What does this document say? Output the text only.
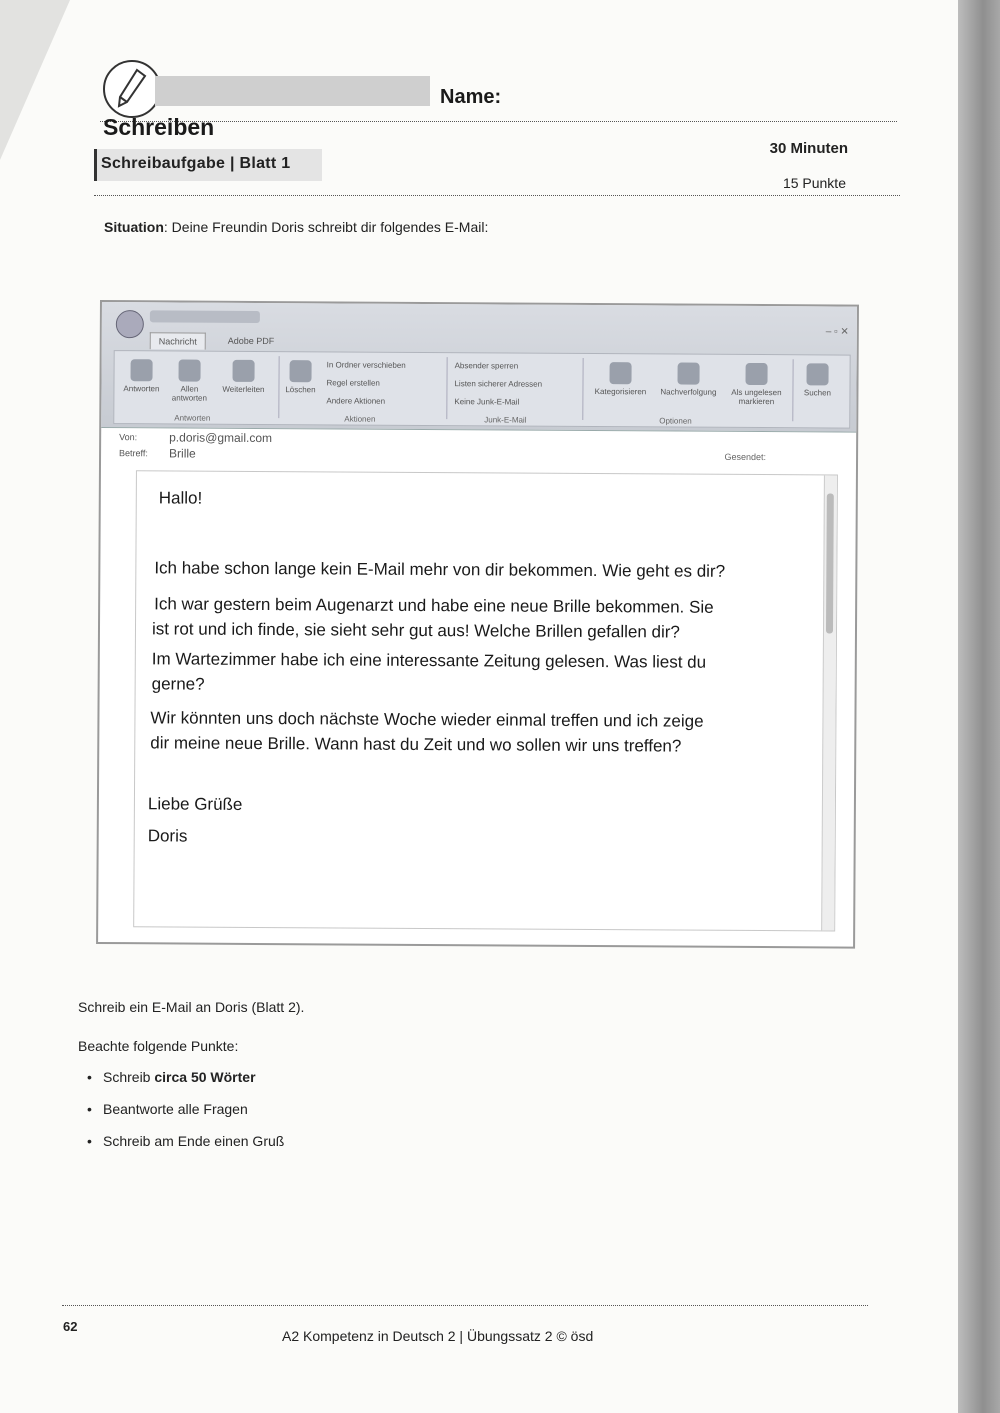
Name:
Schreiben
Schreibaufgabe | Blatt 1
30 Minuten
15 Punkte
Situation: Deine Freundin Doris schreibt dir folgendes E-Mail:
– ▫ ✕
Nachricht	Adobe PDF
Antworten	Allen antworten
Weiterleiten
Antworten
Löschen
In Ordner verschieben
Regel erstellen
Andere Aktionen
Aktionen
Absender sperren
Listen sicherer Adressen
Keine Junk-E-Mail
Junk-E-Mail
Kategorisieren	Nachverfolgung	Als ungelesen markieren
Optionen
Suchen
Von:	p.doris@gmail.com
Betreff: Brille	Gesendet:
Hallo!
Ich habe schon lange kein E-Mail mehr von dir bekommen. Wie geht es dir?
Ich war gestern beim Augenarzt und habe eine neue Brille bekommen. Sie
ist rot und ich finde, sie sieht sehr gut aus! Welche Brillen gefallen dir?
Im Wartezimmer habe ich eine interessante Zeitung gelesen. Was liest du
gerne?
Wir könnten uns doch nächste Woche wieder einmal treffen und ich zeige
dir meine neue Brille. Wann hast du Zeit und wo sollen wir uns treffen?
Liebe Grüße
Doris
Schreib ein E-Mail an Doris (Blatt 2).
Beachte folgende Punkte:
• Schreib circa 50 Wörter
• Beantworte alle Fragen
• Schreib am Ende einen Gruß
62
A2 Kompetenz in Deutsch 2 | Übungssatz 2 © ösd
